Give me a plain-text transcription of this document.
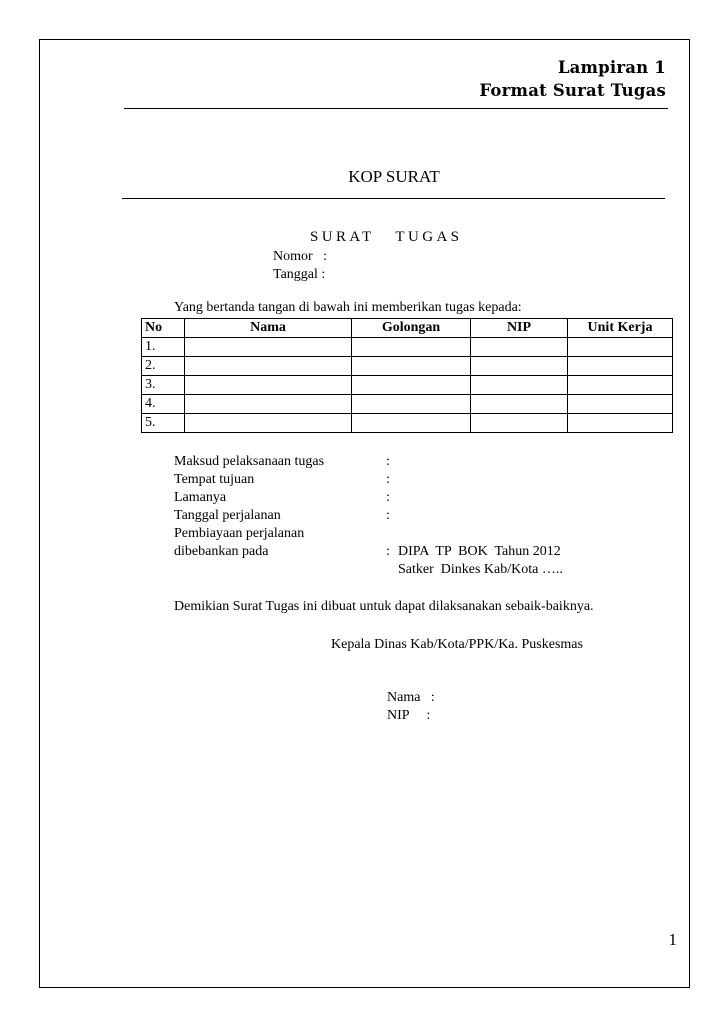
Lampiran 1
Format Surat Tugas
KOP SURAT
SURAT   TUGAS
Nomor   :
Tanggal :
Yang bertanda tangan di bawah ini memberikan tugas kepada:
No	Nama	Golongan	NIP	Unit Kerja
1.				
2.				
3.				
4.				
5.				
Maksud pelaksanaan tugas	:
Tempat tujuan	:
Lamanya	:
Tanggal perjalanan	:
Pembiayaan perjalanan
dibebankan pada	: DIPA  TP  BOK  Tahun 2012
Satker  Dinkes Kab/Kota …..
Demikian Surat Tugas ini dibuat untuk dapat dilaksanakan sebaik-baiknya.
Kepala Dinas Kab/Kota/PPK/Ka. Puskesmas
Nama   :
NIP     :
1
